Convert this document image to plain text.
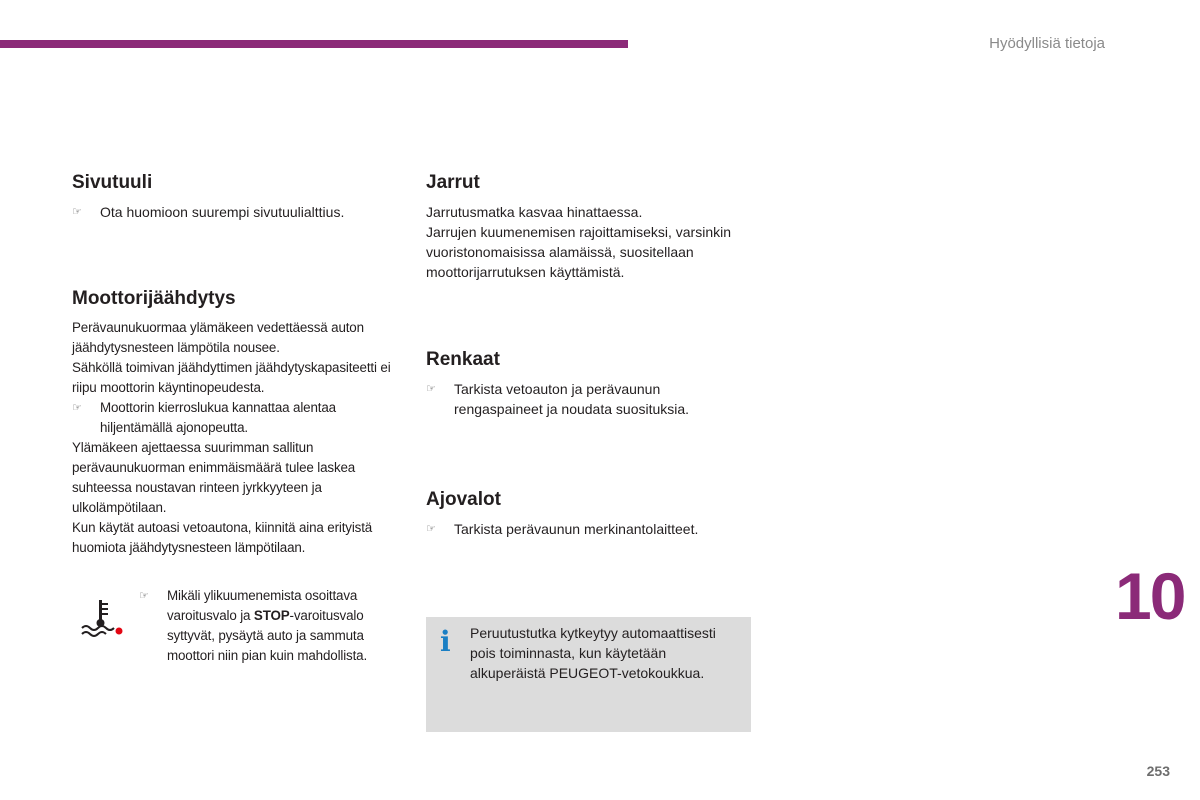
Hyödyllisiä tietoja
Sivutuuli
☞ Ota huomioon suurempi sivutuulialttius.
Moottorijäähdytys

Perävaunukuormaa ylämäkeen vedettäessä auton jäähdytysnesteen lämpötila nousee.

Sähköllä toimivan jäähdyttimen jäähdytyskapasiteetti ei riipu moottorin käyntinopeudesta.

☞ Moottorin kierroslukua kannattaa alentaa hiljentämällä ajonopeutta.

Ylämäkeen ajettaessa suurimman sallitun perävaunukuorman enimmäismäärä tulee laskea suhteessa noustavan rinteen jyrkkyyteen ja ulkolämpötilaan.

Kun käytät autoasi vetoautona, kiinnitä aina erityistä huomiota jäähdytysnesteen lämpötilaan.

☞ Mikäli ylikuumenemista osoittava varoitusvalo ja STOP-varoitusvalo syttyvät, pysäytä auto ja sammuta moottori niin pian kuin mahdollista.
Jarrut

Jarrutusmatka kasvaa hinattaessa.

Jarrujen kuumenemisen rajoittamiseksi, varsinkin vuoristonomaisissa alamäissä, suositellaan moottorijarrutuksen käyttämistä.

Renkaat
☞ Tarkista vetoauton ja perävaunun rengaspaineet ja noudata suosituksia.
Ajovalot
☞ Tarkista perävaunun merkinantolaitteet.
i Peruutustutka kytkeytyy automaattisesti pois toiminnasta, kun käytetään alkuperäistä PEUGEOT-vetokoukkua.
10
253
